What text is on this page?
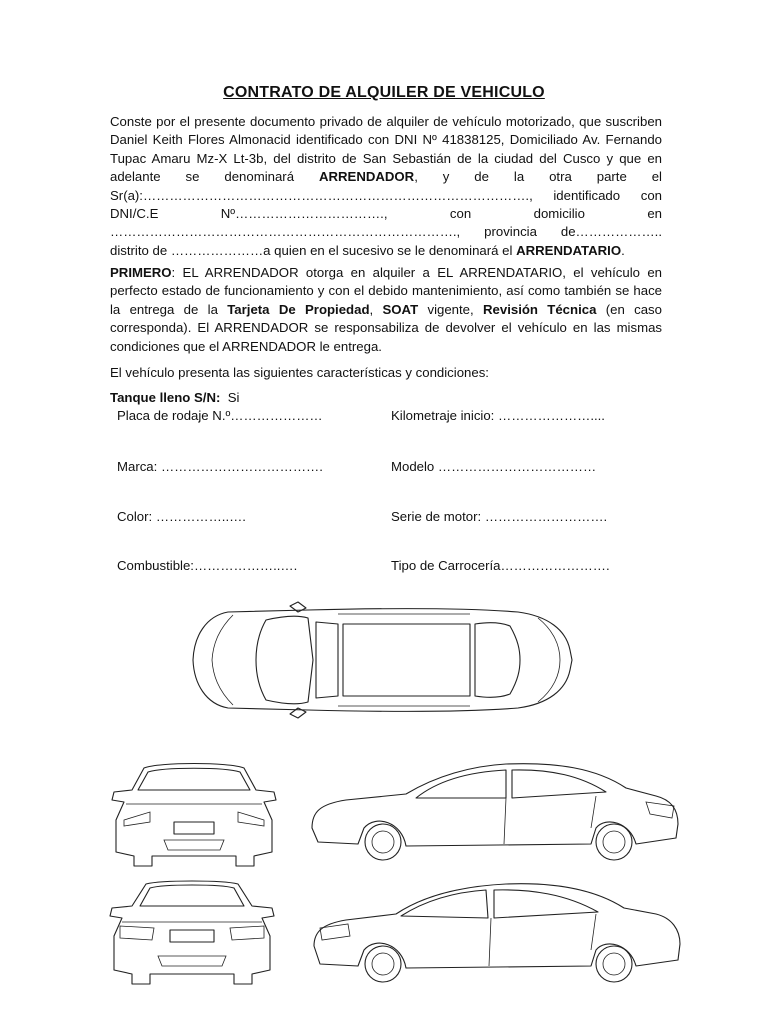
CONTRATO DE ALQUILER DE VEHICULO
Conste por el presente documento privado de alquiler de vehículo motorizado, que suscriben Daniel Keith Flores Almonacid identificado con DNI Nº 41838125, Domiciliado Av. Fernando Tupac Amaru Mz-X Lt-3b, del distrito de San Sebastián de la ciudad del Cusco y que en adelante se denominará ARRENDADOR, y de la otra parte el Sr(a):……………………………………………………………………………., identificado con DNI/C.E Nº……………………………., con domicilio en ……………………………………………………………………., provincia de……………….. distrito de …………………a quien en el sucesivo se le denominará el ARRENDATARIO.
PRIMERO: EL ARRENDADOR otorga en alquiler a EL ARRENDATARIO, el vehículo en perfecto estado de funcionamiento y con el debido mantenimiento, así como también se hace la entrega de la Tarjeta De Propiedad, SOAT vigente, Revisión Técnica (en caso corresponda). El ARRENDADOR se responsabiliza de devolver el vehículo en las mismas condiciones que el ARRENDADOR le entrega.
El vehículo presenta las siguientes características y condiciones:
Tanque lleno S/N: Si
Placa de rodaje N.º…………………	Kilometraje inicio: …………………....
Marca: ……………………………….	Modelo ………………………………
Color: ……………..….	Serie de motor: ……………………….
Combustible:………………..….	Tipo de Carrocería…………………….
